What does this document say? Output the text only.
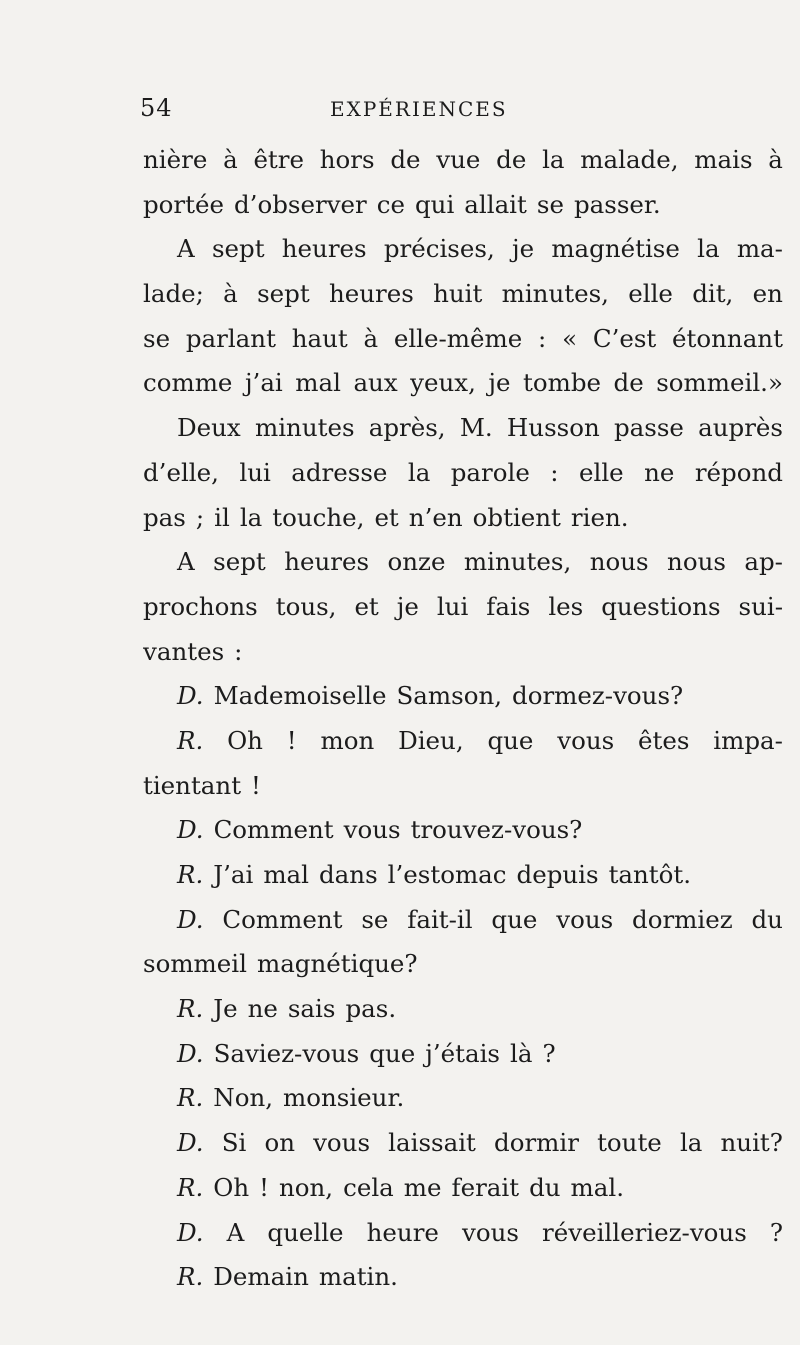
54	EXPÉRIENCES
nière à être hors de vue de la malade, mais à
portée d’observer ce qui allait se passer.
A sept heures précises, je magnétise la ma-
lade; à sept heures huit minutes, elle dit, en
se parlant haut à elle-même : « C’est étonnant
comme j’ai mal aux yeux, je tombe de sommeil.»
Deux minutes après, M. Husson passe auprès
d’elle, lui adresse la parole : elle ne répond
pas ; il la touche, et n’en obtient rien.
A sept heures onze minutes, nous nous ap-
prochons tous, et je lui fais les questions sui-
vantes :
D. Mademoiselle Samson, dormez-vous?
R. Oh ! mon Dieu, que vous êtes impa-
tientant !
D. Comment vous trouvez-vous?
R. J’ai mal dans l’estomac depuis tantôt.
D. Comment se fait-il que vous dormiez du
sommeil magnétique?
R. Je ne sais pas.
D. Saviez-vous que j’étais là ?
R. Non, monsieur.
D. Si on vous laissait dormir toute la nuit?
R. Oh ! non, cela me ferait du mal.
D. A quelle heure vous réveilleriez-vous ?
R. Demain matin.
